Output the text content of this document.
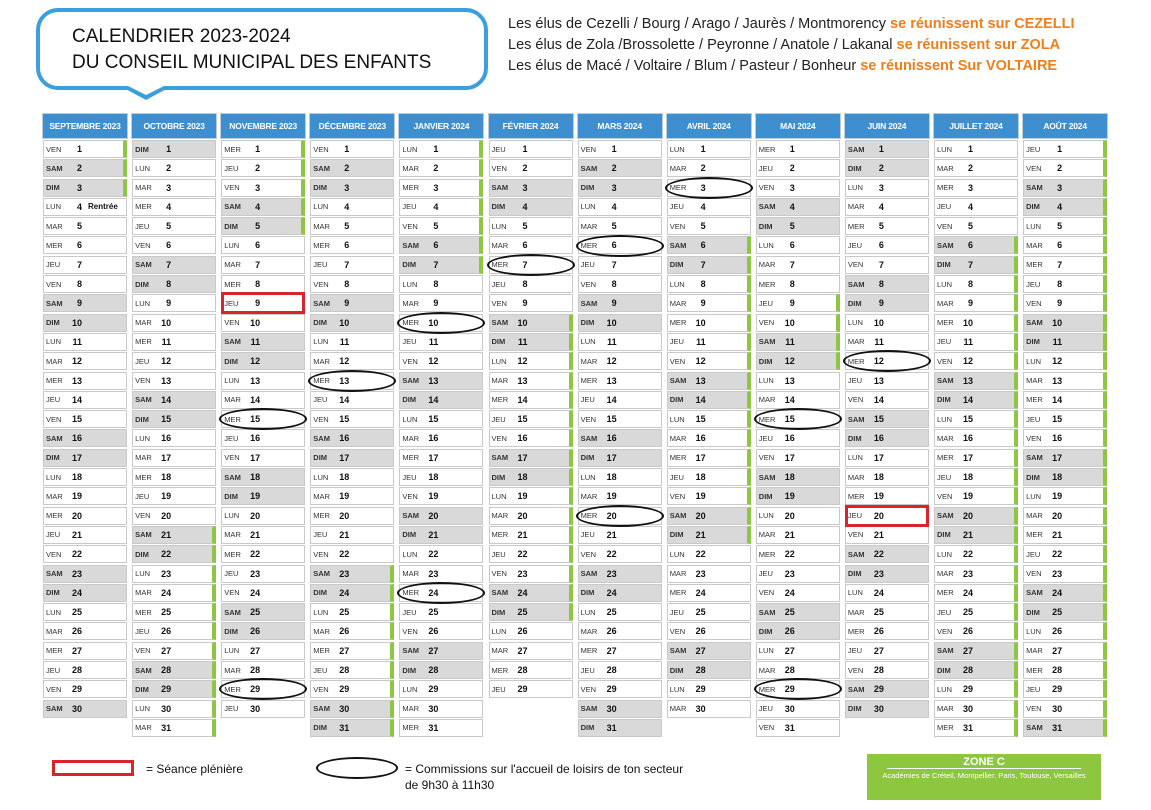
CALENDRIER 2023-2024
DU CONSEIL MUNICIPAL DES ENFANTS
Les élus de Cezelli / Bourg / Arago / Jaurès / Montmorency se réunissent sur CEZELLI
Les élus de Zola /Brossolette / Peyronne / Anatole / Lakanal se réunissent sur ZOLA
Les élus de Macé / Voltaire / Blum / Pasteur / Bonheur se réunissent Sur VOLTAIRE
SEPTEMBRE 2023
VEN	1
SAM	2
DIM	3
LUN	4 Rentrée
MAR	5
MER	6
JEU	7
VEN	8
SAM	9
DIM	10
LUN	11
MAR	12
MER	13
JEU	14
VEN	15
SAM	16
DIM	17
LUN	18
MAR	19
MER	20
JEU	21
VEN	22
SAM	23
DIM	24
LUN	25
MAR	26
MER	27
JEU	28
VEN	29
SAM	30
OCTOBRE 2023
DIM	1
LUN	2
MAR	3
MER	4
JEU	5
VEN	6
SAM	7
DIM	8
LUN	9
MAR	10
MER	11
JEU	12
VEN	13
SAM	14
DIM	15
LUN	16
MAR	17
MER	18
JEU	19
VEN	20
SAM	21
DIM	22
LUN	23
MAR	24
MER	25
JEU	26
VEN	27
SAM	28
DIM	29
LUN	30
MAR	31
NOVEMBRE 2023
MER	1
JEU	2
VEN	3
SAM	4
DIM	5
LUN	6
MAR	7
MER	8
JEU	9
VEN	10
SAM	11
DIM	12
LUN	13
MAR	14
MER	15
JEU	16
VEN	17
SAM	18
DIM	19
LUN	20
MAR	21
MER	22
JEU	23
VEN	24
SAM	25
DIM	26
LUN	27
MAR	28
MER	29
JEU	30
DÉCEMBRE 2023
VEN	1
SAM	2
DIM	3
LUN	4
MAR	5
MER	6
JEU	7
VEN	8
SAM	9
DIM	10
LUN	11
MAR	12
MER	13
JEU	14
VEN	15
SAM	16
DIM	17
LUN	18
MAR	19
MER	20
JEU	21
VEN	22
SAM	23
DIM	24
LUN	25
MAR	26
MER	27
JEU	28
VEN	29
SAM	30
DIM	31
JANVIER 2024
LUN	1
MAR	2
MER	3
JEU	4
VEN	5
SAM	6
DIM	7
LUN	8
MAR	9
MER	10
JEU	11
VEN	12
SAM	13
DIM	14
LUN	15
MAR	16
MER	17
JEU	18
VEN	19
SAM	20
DIM	21
LUN	22
MAR	23
MER	24
JEU	25
VEN	26
SAM	27
DIM	28
LUN	29
MAR	30
MER	31
FÉVRIER 2024
JEU	1
VEN	2
SAM	3
DIM	4
LUN	5
MAR	6
MER	7
JEU	8
VEN	9
SAM	10
DIM	11
LUN	12
MAR	13
MER	14
JEU	15
VEN	16
SAM	17
DIM	18
LUN	19
MAR	20
MER	21
JEU	22
VEN	23
SAM	24
DIM	25
LUN	26
MAR	27
MER	28
JEU	29
MARS 2024
VEN	1
SAM	2
DIM	3
LUN	4
MAR	5
MER	6
JEU	7
VEN	8
SAM	9
DIM	10
LUN	11
MAR	12
MER	13
JEU	14
VEN	15
SAM	16
DIM	17
LUN	18
MAR	19
MER	20
JEU	21
VEN	22
SAM	23
DIM	24
LUN	25
MAR	26
MER	27
JEU	28
VEN	29
SAM	30
DIM	31
AVRIL 2024
LUN	1
MAR	2
MER	3
JEU	4
VEN	5
SAM	6
DIM	7
LUN	8
MAR	9
MER	10
JEU	11
VEN	12
SAM	13
DIM	14
LUN	15
MAR	16
MER	17
JEU	18
VEN	19
SAM	20
DIM	21
LUN	22
MAR	23
MER	24
JEU	25
VEN	26
SAM	27
DIM	28
LUN	29
MAR	30
MAI 2024
MER	1
JEU	2
VEN	3
SAM	4
DIM	5
LUN	6
MAR	7
MER	8
JEU	9
VEN	10
SAM	11
DIM	12
LUN	13
MAR	14
MER	15
JEU	16
VEN	17
SAM	18
DIM	19
LUN	20
MAR	21
MER	22
JEU	23
VEN	24
SAM	25
DIM	26
LUN	27
MAR	28
MER	29
JEU	30
VEN	31
JUIN 2024
SAM	1
DIM	2
LUN	3
MAR	4
MER	5
JEU	6
VEN	7
SAM	8
DIM	9
LUN	10
MAR	11
MER	12
JEU	13
VEN	14
SAM	15
DIM	16
LUN	17
MAR	18
MER	19
JEU	20
VEN	21
SAM	22
DIM	23
LUN	24
MAR	25
MER	26
JEU	27
VEN	28
SAM	29
DIM	30
JUILLET 2024
LUN	1
MAR	2
MER	3
JEU	4
VEN	5
SAM	6
DIM	7
LUN	8
MAR	9
MER	10
JEU	11
VEN	12
SAM	13
DIM	14
LUN	15
MAR	16
MER	17
JEU	18
VEN	19
SAM	20
DIM	21
LUN	22
MAR	23
MER	24
JEU	25
VEN	26
SAM	27
DIM	28
LUN	29
MAR	30
MER	31
AOÛT 2024
JEU	1
VEN	2
SAM	3
DIM	4
LUN	5
MAR	6
MER	7
JEU	8
VEN	9
SAM	10
DIM	11
LUN	12
MAR	13
MER	14
JEU	15
VEN	16
SAM	17
DIM	18
LUN	19
MAR	20
MER	21
JEU	22
VEN	23
SAM	24
DIM	25
LUN	26
MAR	27
MER	28
JEU	29
VEN	30
SAM	31
= Séance plénière	= Commissions sur l'accueil de loisirs de ton secteur
de 9h30 à 11h30
ZONE C
Académies de Créteil, Montpellier, Paris, Toulouse, Versailles
